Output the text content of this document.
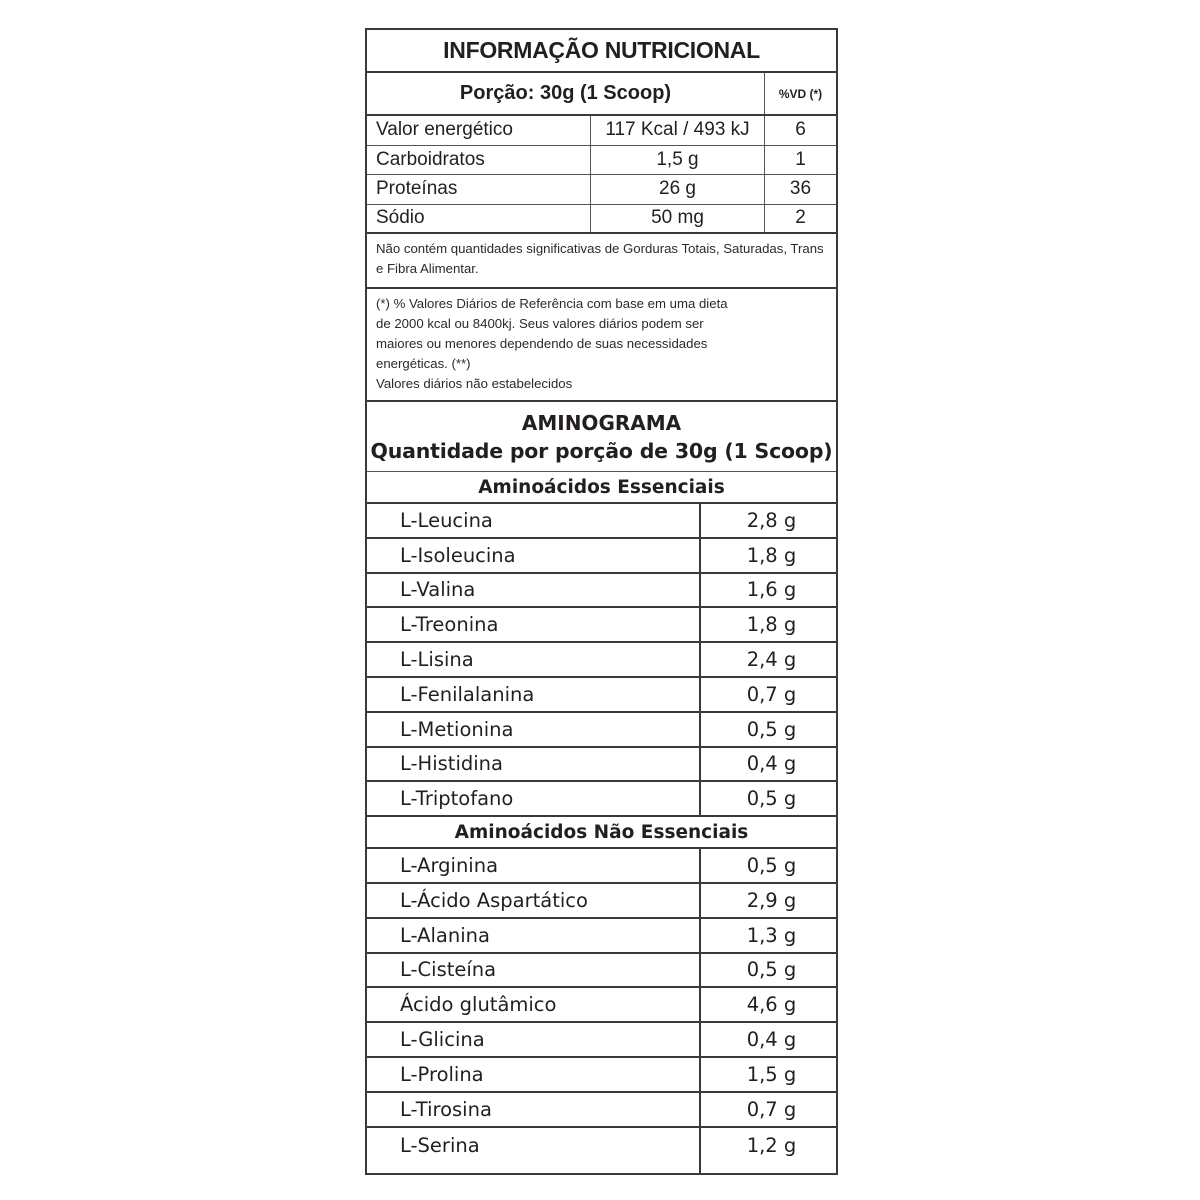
INFORMAÇÃO NUTRICIONAL
Porção: 30g (1 Scoop)	%VD (*)
Valor energético	117 Kcal / 493 kJ	6
Carboidratos	1,5 g	1
Proteínas	26 g	36
Sódio	50 mg	2
Não contém quantidades significativas de Gorduras Totais, Saturadas, Trans e Fibra Alimentar.
(*) % Valores Diários de Referência com base em uma dieta
de 2000 kcal ou 8400kj. Seus valores diários podem ser
maiores ou menores dependendo de suas necessidades
energéticas. (**)
Valores diários não estabelecidos
AMINOGRAMA
Quantidade por porção de 30g (1 Scoop)
Aminoácidos Essenciais
L-Leucina	2,8 g
L-Isoleucina	1,8 g
L-Valina	1,6 g
L-Treonina	1,8 g
L-Lisina	2,4 g
L-Fenilalanina	0,7 g
L-Metionina	0,5 g
L-Histidina	0,4 g
L-Triptofano	0,5 g
Aminoácidos Não Essenciais
L-Arginina	0,5 g
L-Ácido Aspartático	2,9 g
L-Alanina	1,3 g
L-Cisteína	0,5 g
Ácido glutâmico	4,6 g
L-Glicina	0,4 g
L-Prolina	1,5 g
L-Tirosina	0,7 g
L-Serina	1,2 g
